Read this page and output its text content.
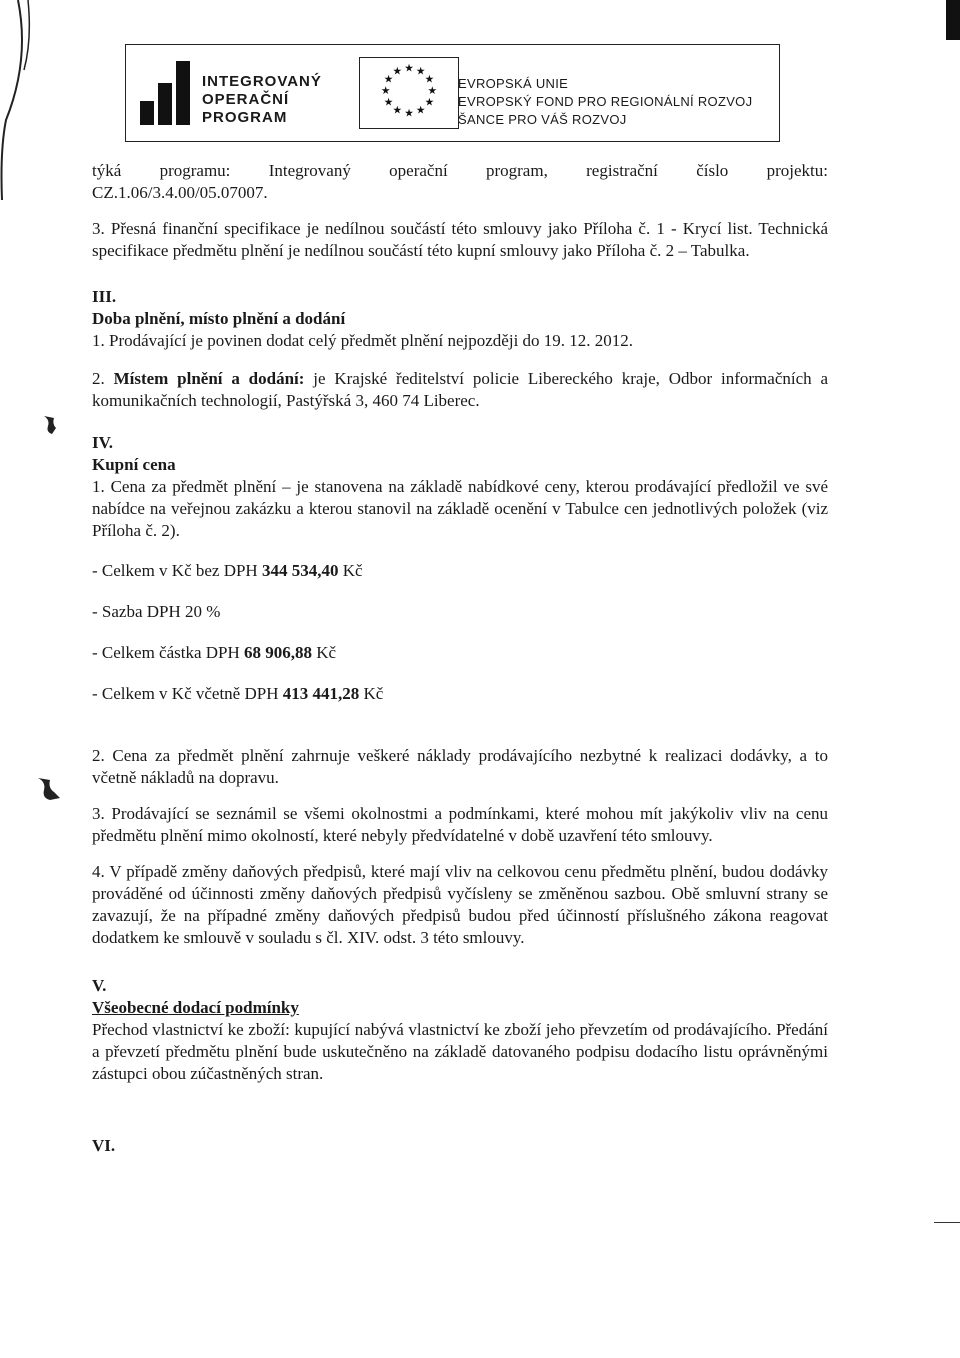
INTEGROVANÝ
OPERAČNÍ
PROGRAM
★ ★
★
★
★
★
★
★
★
★
★
★
EVROPSKÁ UNIE
EVROPSKÝ FOND PRO REGIONÁLNÍ ROZVOJ
ŠANCE PRO VÁŠ ROZVOJ

týká programu: Integrovaný operační program, registrační číslo projektu:

CZ.1.06/3.4.00/05.07007.

3. Přesná finanční specifikace je nedílnou součástí této smlouvy jako Příloha č. 1 - Krycí list. Technická specifikace předmětu plnění je nedílnou součástí této kupní smlouvy jako Příloha č. 2 – Tabulka.

III.

Doba plnění, místo plnění a dodání

1. Prodávající je povinen dodat celý předmět plnění nejpozději do 19. 12. 2012.

2. Místem plnění a dodání: je Krajské ředitelství policie Libereckého kraje, Odbor informačních a komunikačních technologií, Pastýřská 3, 460 74 Liberec.

IV.

Kupní cena

1. Cena za předmět plnění – je stanovena na základě nabídkové ceny, kterou prodávající předložil ve své nabídce na veřejnou zakázku a kterou stanovil na základě ocenění v Tabulce cen jednotlivých položek (viz Příloha č. 2).

- Celkem v Kč bez DPH 344 534,40 Kč

- Sazba DPH 20 %

- Celkem částka DPH 68 906,88 Kč

- Celkem v Kč včetně DPH 413 441,28 Kč

2. Cena za předmět plnění zahrnuje veškeré náklady prodávajícího nezbytné k realizaci dodávky, a to včetně nákladů na dopravu.

3. Prodávající se seznámil se všemi okolnostmi a podmínkami, které mohou mít jakýkoliv vliv na cenu předmětu plnění mimo okolností, které nebyly předvídatelné v době uzavření této smlouvy.

4. V případě změny daňových předpisů, které mají vliv na celkovou cenu předmětu plnění, budou dodávky prováděné od účinnosti změny daňových předpisů vyčísleny se změněnou sazbou. Obě smluvní strany se zavazují, že na případné změny daňových předpisů budou před účinností příslušného zákona reagovat dodatkem ke smlouvě v souladu s čl. XIV. odst. 3 této smlouvy.

V.

Všeobecné dodací podmínky

Přechod vlastnictví ke zboží: kupující nabývá vlastnictví ke zboží jeho převzetím od prodávajícího. Předání a převzetí předmětu plnění bude uskutečněno na základě datovaného podpisu dodacího listu oprávněnými zástupci obou zúčastněných stran.

VI.
